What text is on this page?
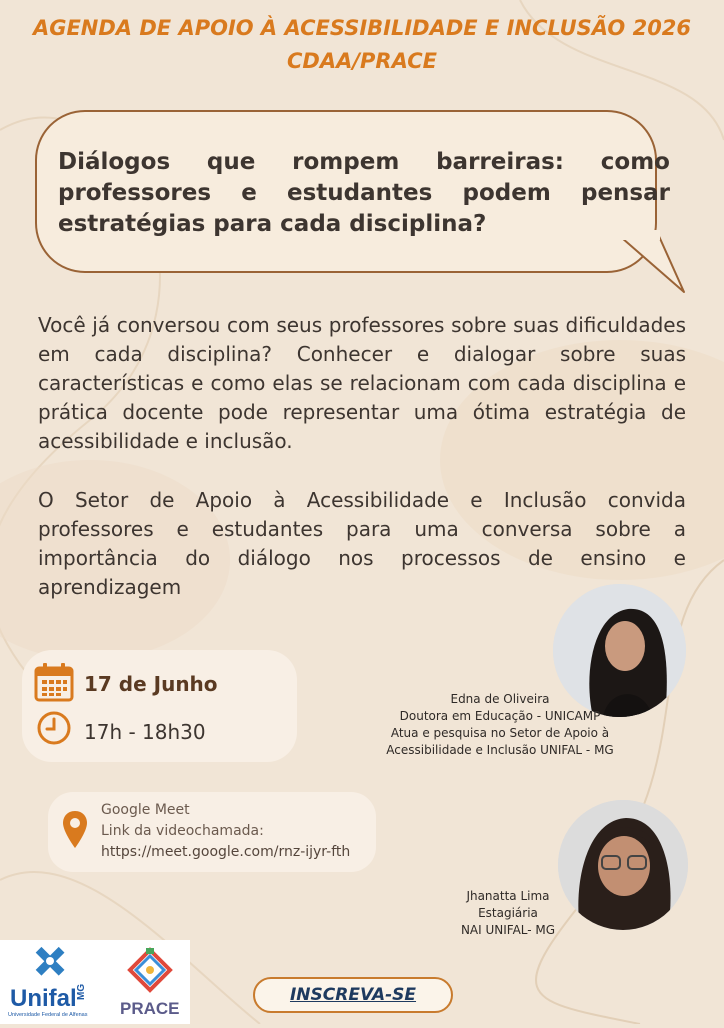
AGENDA DE APOIO À ACESSIBILIDADE E INCLUSÃO 2026
CDAA/PRACE
Diálogos que rompem barreiras: como professores e estudantes podem pensar estratégias para cada disciplina?
Você já conversou com seus professores sobre suas dificuldades em cada disciplina? Conhecer e dialogar sobre suas características e como elas se relacionam com cada disciplina e prática docente pode representar uma ótima estratégia de acessibilidade e inclusão.
O Setor de Apoio à Acessibilidade e Inclusão convida professores e estudantes para uma conversa sobre a importância do diálogo nos processos de ensino e aprendizagem
17 de Junho
17h - 18h30
Google Meet
Link da videochamada:
https://meet.google.com/rnz-ijyr-fth
Edna de Oliveira
Doutora em Educação - UNICAMP
Atua e pesquisa no Setor de Apoio à
Acessibilidade e Inclusão UNIFAL - MG
Jhanatta Lima
Estagiária
NAI UNIFAL- MG
Unifal MG
Universidade Federal de Alfenas PRACE
INSCREVA-SE
